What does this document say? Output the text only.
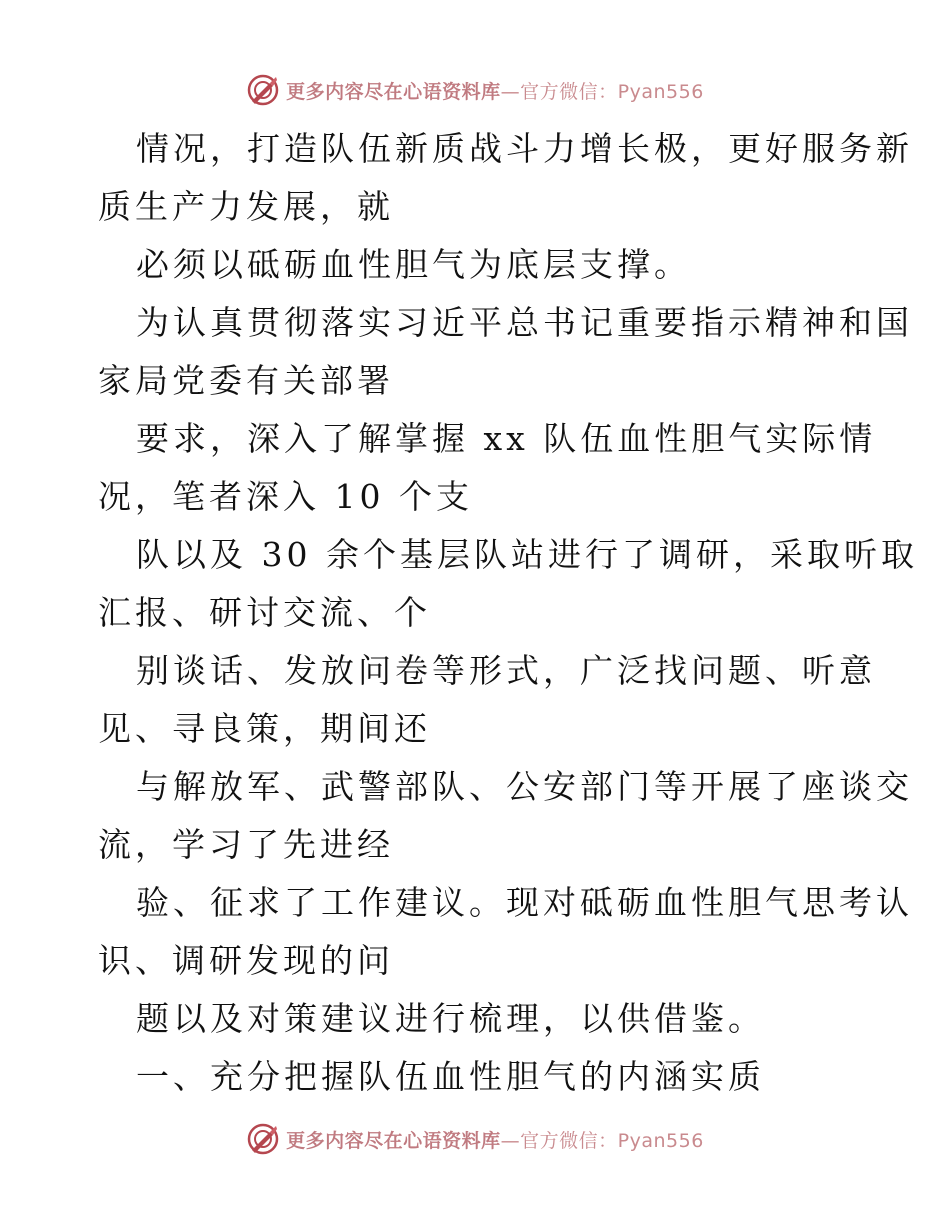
更多内容尽在心语资料库—官方微信：Pyan556

情况，打造队伍新质战斗力增长极，更好服务新

质生产力发展，就

必须以砥砺血性胆气为底层支撑。

为认真贯彻落实习近平总书记重要指示精神和国

家局党委有关部署

要求，深入了解掌握 xx 队伍血性胆气实际情

况，笔者深入 10 个支

队以及 30 余个基层队站进行了调研，采取听取

汇报、研讨交流、个

别谈话、发放问卷等形式，广泛找问题、听意

见、寻良策，期间还

与解放军、武警部队、公安部门等开展了座谈交

流，学习了先进经

验、征求了工作建议。现对砥砺血性胆气思考认

识、调研发现的问

题以及对策建议进行梳理，以供借鉴。

一、充分把握队伍血性胆气的内涵实质

更多内容尽在心语资料库—官方微信：Pyan556
